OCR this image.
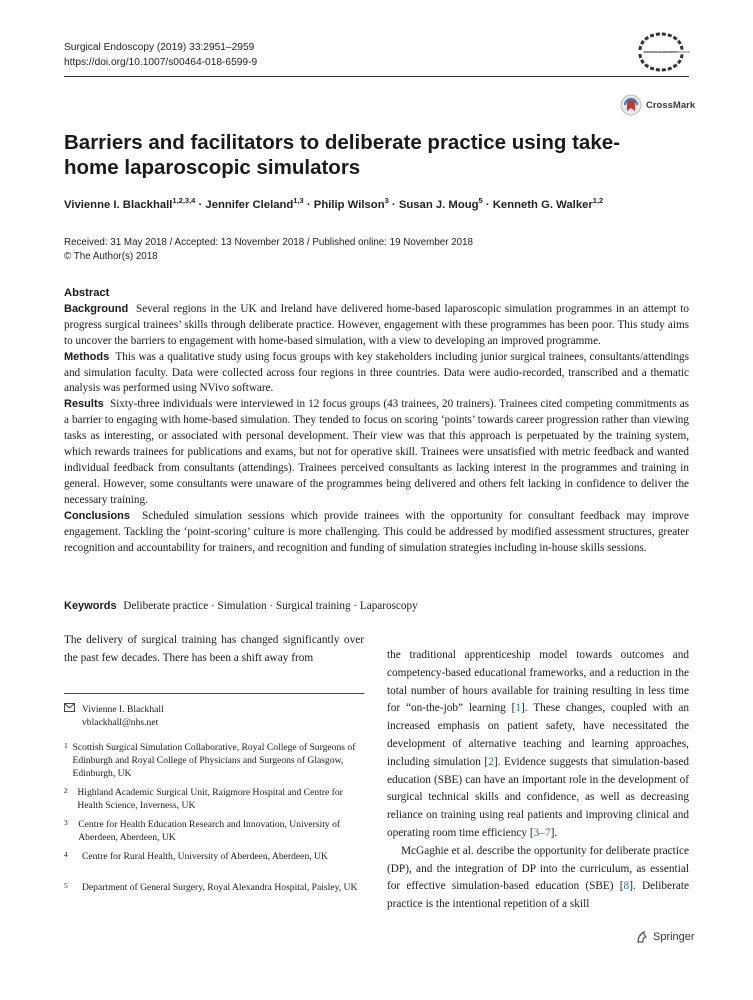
Surgical Endoscopy (2019) 33:2951–2959
https://doi.org/10.1007/s00464-018-6599-9
SURGICAL ENDOSCOPY
CrossMark
Barriers and facilitators to deliberate practice using take-home laparoscopic simulators
Vivienne I. Blackhall$^{1,2,3,4}$ · Jennifer Cleland$^{1,3}$ · Philip Wilson$^3$ · Susan J. Moug$^5$ · Kenneth G. Walker$^{1,2}$
Received: 31 May 2018 / Accepted: 13 November 2018 / Published online: 19 November 2018
© The Author(s) 2018
Abstract

Background Several regions in the UK and Ireland have delivered home-based laparoscopic simulation programmes in an attempt to progress surgical trainees’ skills through deliberate practice. However, engagement with these programmes has been poor. This study aims to uncover the barriers to engagement with home-based simulation, with a view to developing an improved programme.

Methods This was a qualitative study using focus groups with key stakeholders including junior surgical trainees, consultants/attendings and simulation faculty. Data were collected across four regions in three countries. Data were audio-recorded, transcribed and a thematic analysis was performed using NVivo software.

Results Sixty-three individuals were interviewed in 12 focus groups (43 trainees, 20 trainers). Trainees cited competing commitments as a barrier to engaging with home-based simulation. They tended to focus on scoring ‘points’ towards career progression rather than viewing tasks as interesting, or associated with personal development. Their view was that this approach is perpetuated by the training system, which rewards trainees for publications and exams, but not for operative skill. Trainees were unsatisfied with metric feedback and wanted individual feedback from consultants (attendings). Trainees perceived consultants as lacking interest in the programmes and training in general. However, some consultants were unaware of the programmes being delivered and others felt lacking in confidence to deliver the necessary training.

Conclusions Scheduled simulation sessions which provide trainees with the opportunity for consultant feedback may improve engagement. Tackling the ‘point-scoring’ culture is more challenging. This could be addressed by modified assessment structures, greater recognition and accountability for trainers, and recognition and funding of simulation strategies including in-house skills sessions.

Keywords Deliberate practice · Simulation · Surgical training · Laparoscopy
The delivery of surgical training has changed significantly over the past few decades. There has been a shift away from	the traditional apprenticeship model towards outcomes and competency-based educational frameworks, and a reduction in the total number of hours available for training resulting in less time for “on-the-job” learning [1]. These changes, coupled with an increased emphasis on patient safety, have necessitated the development of alternative teaching and learning approaches, including simulation [2]. Evidence suggests that simulation-based education (SBE) can have an important role in the development of surgical technical skills and confidence, as well as decreasing reliance on training using real patients and improving clinical and operating room time efficiency [3–7].

McGaghie et al. describe the opportunity for deliberate practice (DP), and the integration of DP into the curriculum, as essential for effective simulation-based education (SBE) [8]. Deliberate practice is the intentional repetition of a skill

Vivienne I. Blackhall
vblackhall@nhs.net
1 Scottish Surgical Simulation Collaborative, Royal College of Surgeons of Edinburgh and Royal College of Physicians and Surgeons of Glasgow, Edinburgh, UK
2	Highland Academic Surgical Unit, Raigmore Hospital and Centre for Health Science, Inverness, UK
3	Centre for Health Education Research and Innovation, University of Aberdeen, Aberdeen, UK
4	Centre for Rural Health, University of Aberdeen, Aberdeen, UK
5	Department of General Surgery, Royal Alexandra Hospital, Paisley, UK
Springer
